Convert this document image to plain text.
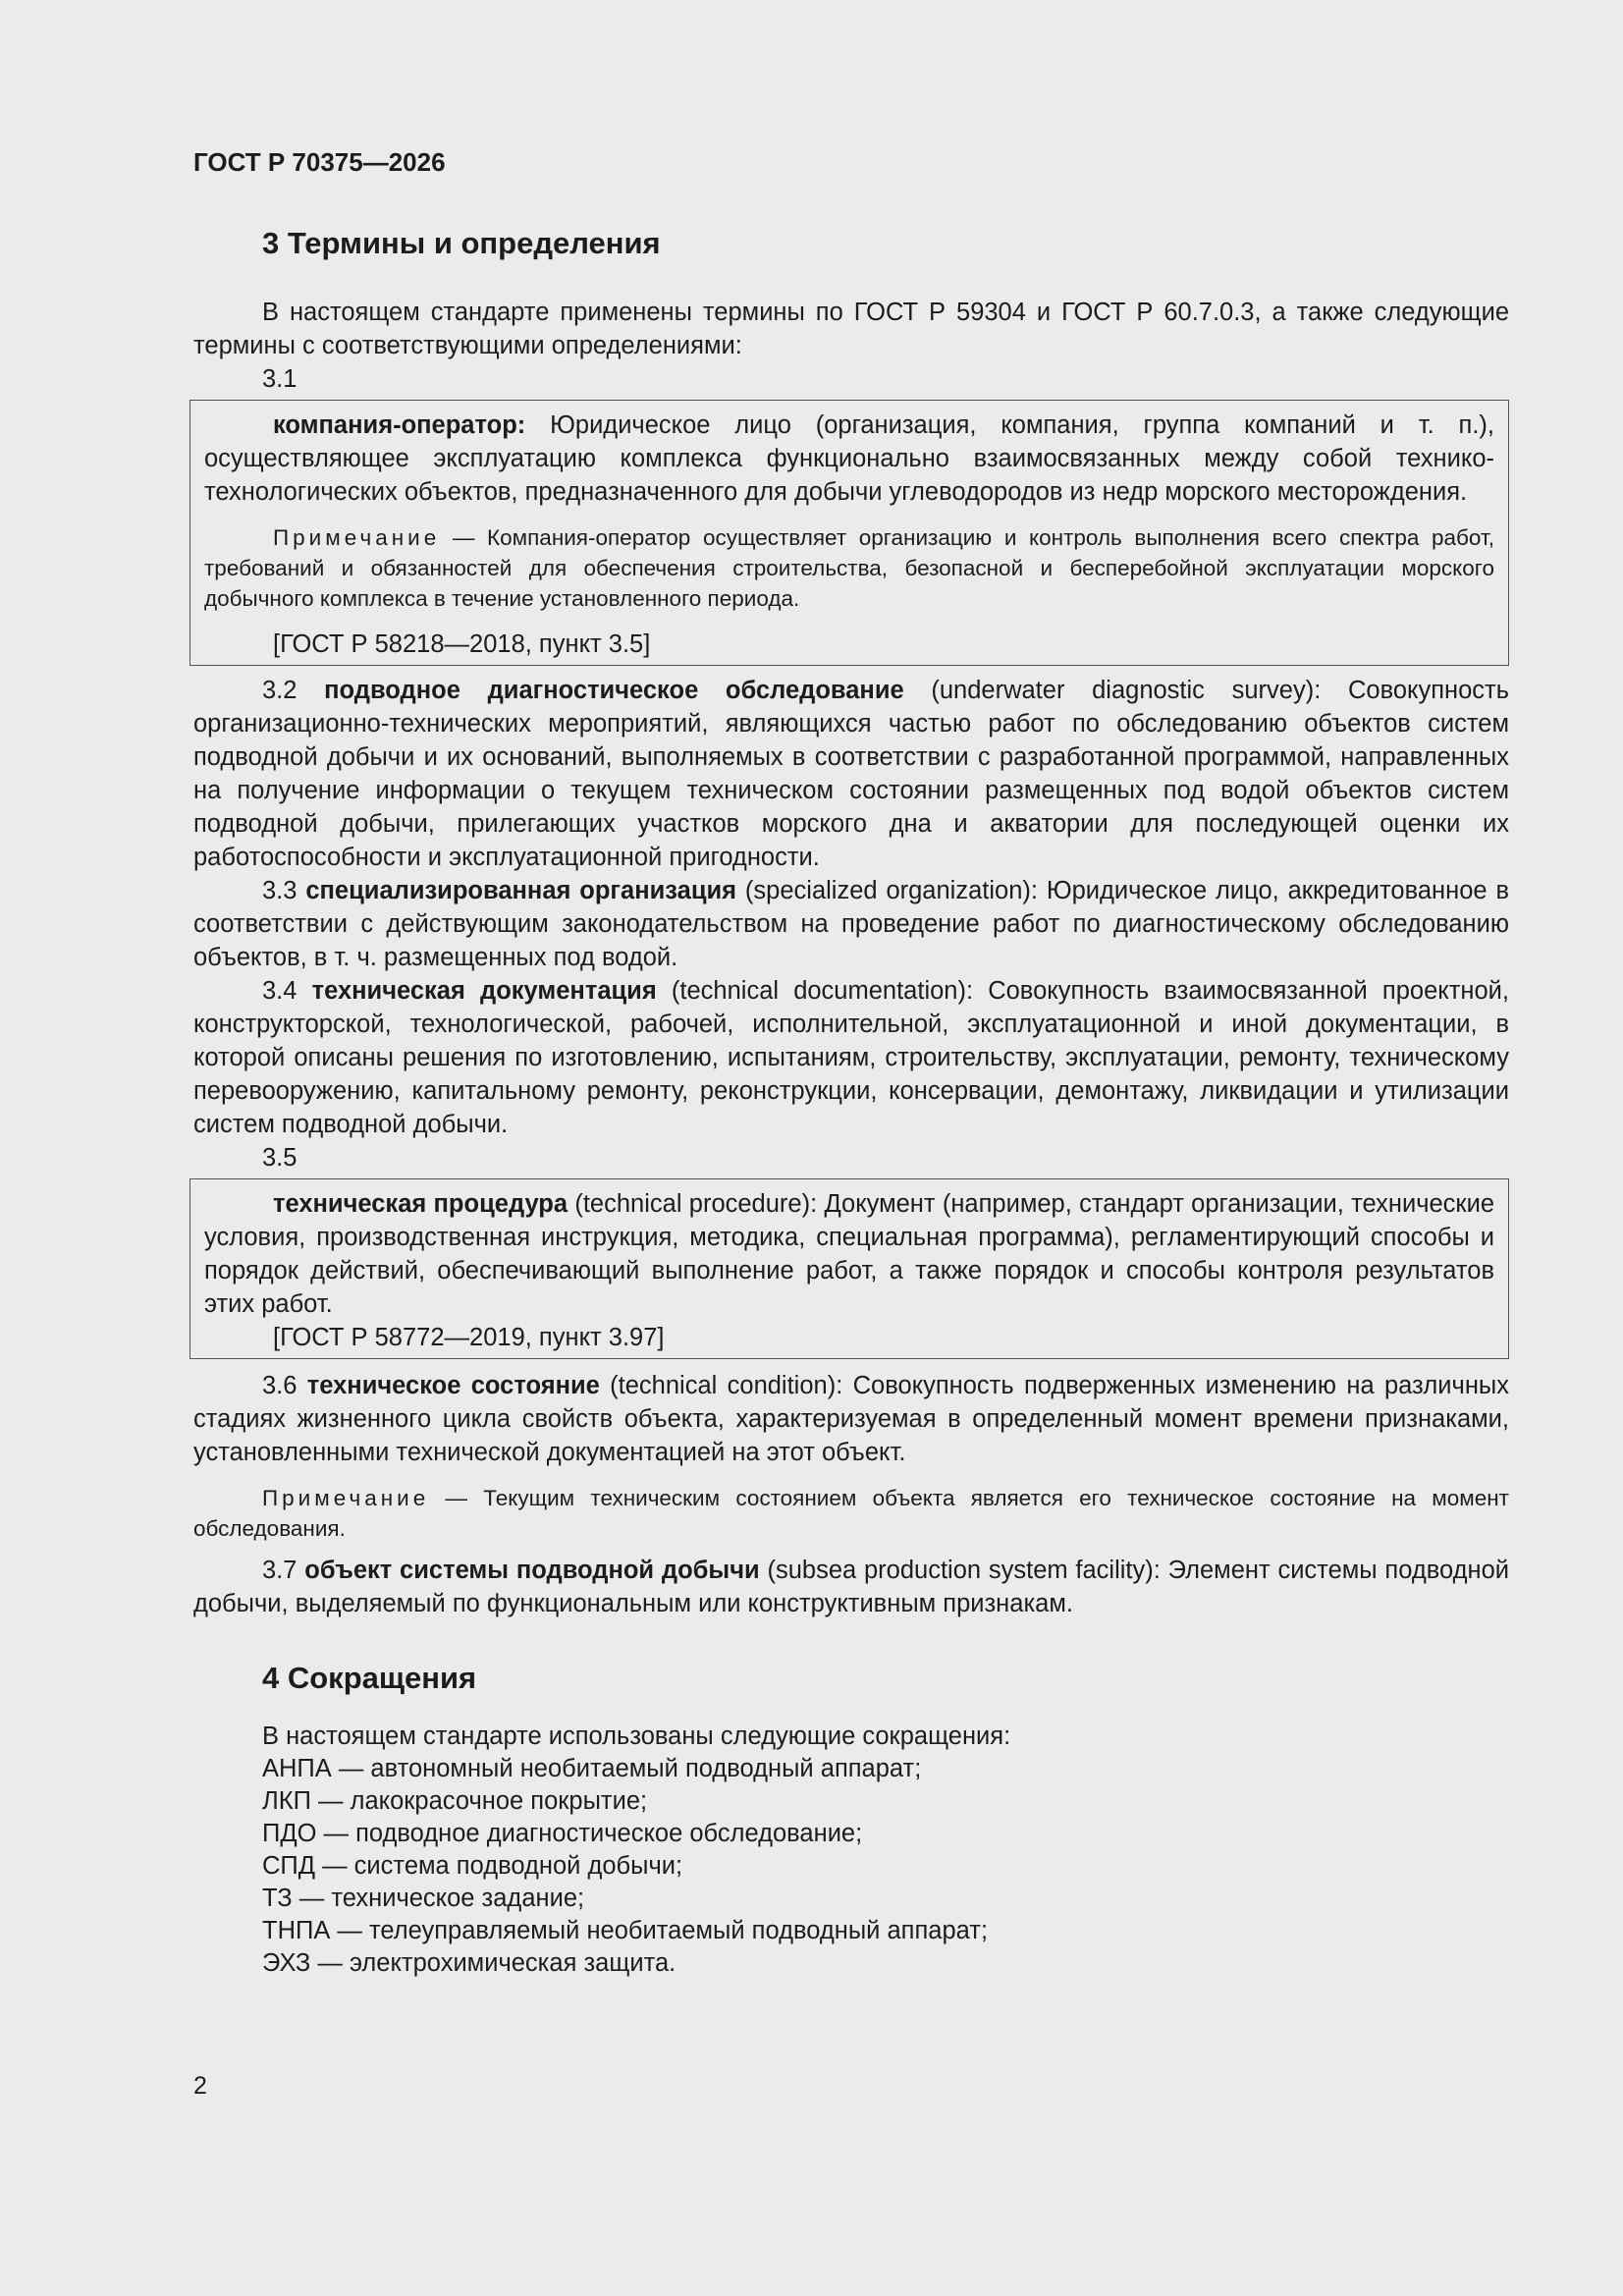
ГОСТ Р 70375—2026
3 Термины и определения

В настоящем стандарте применены термины по ГОСТ Р 59304 и ГОСТ Р 60.7.0.3, а также следующие термины с соответствующими определениями:

3.1

компания-оператор: Юридическое лицо (организация, компания, группа компаний и т. п.), осуществляющее эксплуатацию комплекса функционально взаимосвязанных между собой технико-технологических объектов, предназначенного для добычи углеводородов из недр морского месторождения.

Примечание — Компания-оператор осуществляет организацию и контроль выполнения всего спектра работ, требований и обязанностей для обеспечения строительства, безопасной и бесперебойной эксплуатации морского добычного комплекса в течение установленного периода.

[ГОСТ Р 58218—2018, пункт 3.5]

3.2 подводное диагностическое обследование (underwater diagnostic survey): Совокупность организационно-технических мероприятий, являющихся частью работ по обследованию объектов систем подводной добычи и их оснований, выполняемых в соответствии с разработанной программой, направленных на получение информации о текущем техническом состоянии размещенных под водой объектов систем подводной добычи, прилегающих участков морского дна и акватории для последующей оценки их работоспособности и эксплуатационной пригодности.

3.3 специализированная организация (specialized organization): Юридическое лицо, аккредитованное в соответствии с действующим законодательством на проведение работ по диагностическому обследованию объектов, в т. ч. размещенных под водой.

3.4 техническая документация (technical documentation): Совокупность взаимосвязанной проектной, конструкторской, технологической, рабочей, исполнительной, эксплуатационной и иной документации, в которой описаны решения по изготовлению, испытаниям, строительству, эксплуатации, ремонту, техническому перевооружению, капитальному ремонту, реконструкции, консервации, демонтажу, ликвидации и утилизации систем подводной добычи.

3.5

техническая процедура (technical procedure): Документ (например, стандарт организации, технические условия, производственная инструкция, методика, специальная программа), регламентирующий способы и порядок действий, обеспечивающий выполнение работ, а также порядок и способы контроля результатов этих работ.

[ГОСТ Р 58772—2019, пункт 3.97]

3.6 техническое состояние (technical condition): Совокупность подверженных изменению на различных стадиях жизненного цикла свойств объекта, характеризуемая в определенный момент времени признаками, установленными технической документацией на этот объект.

Примечание — Текущим техническим состоянием объекта является его техническое состояние на момент обследования.

3.7 объект системы подводной добычи (subsea production system facility): Элемент системы подводной добычи, выделяемый по функциональным или конструктивным признакам.

4 Сокращения
В настоящем стандарте использованы следующие сокращения:
АНПА — автономный необитаемый подводный аппарат;
ЛКП — лакокрасочное покрытие;
ПДО — подводное диагностическое обследование;
СПД — система подводной добычи;
ТЗ — техническое задание;
ТНПА — телеуправляемый необитаемый подводный аппарат;
ЭХЗ — электрохимическая защита.
2
